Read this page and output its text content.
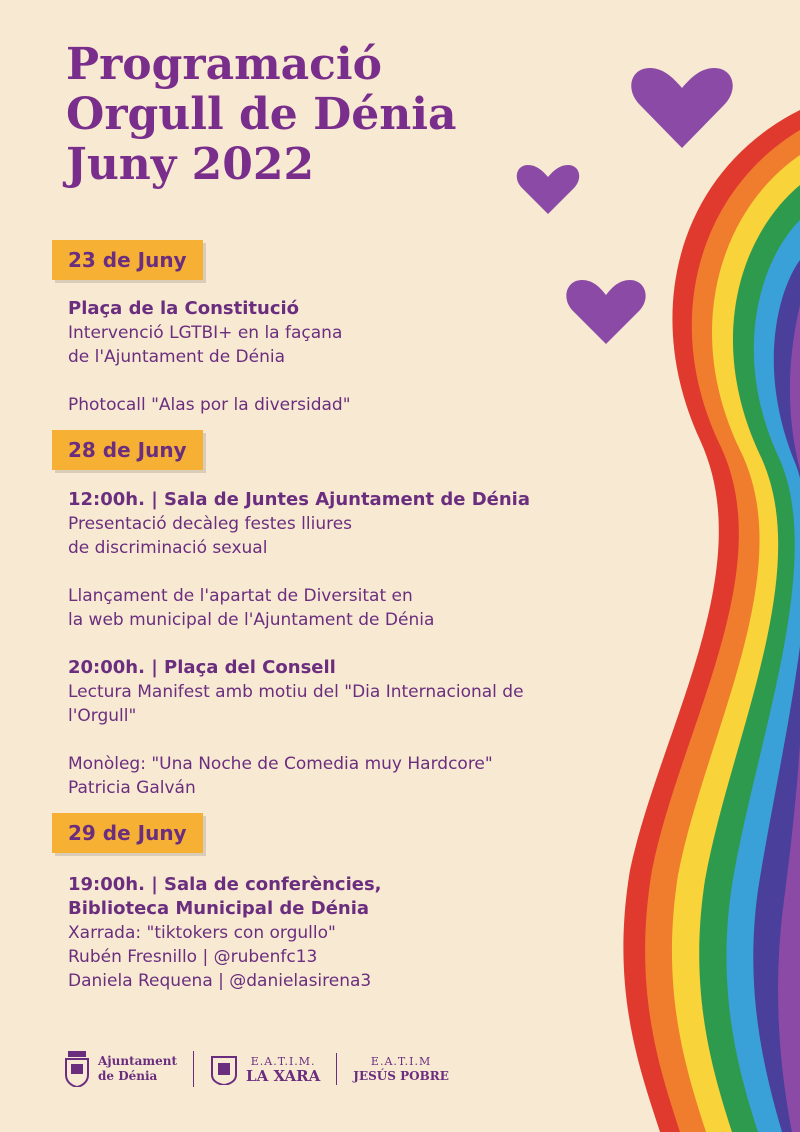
Programació
Orgull de Dénia
Juny 2022
23 de Juny
Plaça de la Constitució
Intervenció LGTBI+ en la façana
de l'Ajuntament de Dénia
Photocall "Alas por la diversidad"
28 de Juny
12:00h. | Sala de Juntes Ajuntament de Dénia
Presentació decàleg festes lliures
de discriminació sexual
Llançament de l'apartat de Diversitat en
la web municipal de l'Ajuntament de Dénia
20:00h. | Plaça del Consell
Lectura Manifest amb motiu del "Dia Internacional de
l'Orgull"
Monòleg: "Una Noche de Comedia muy Hardcore"
Patricia Galván
29 de Juny
19:00h. | Sala de conferències,
Biblioteca Municipal de Dénia
Xarrada: "tiktokers con orgullo"
Rubén Fresnillo | @rubenfc13
Daniela Requena | @danielasirena3
Ajuntament
de Dénia
E.A.T.I.M.
LA XARA
E.A.T.I.M
JESÚS POBRE
